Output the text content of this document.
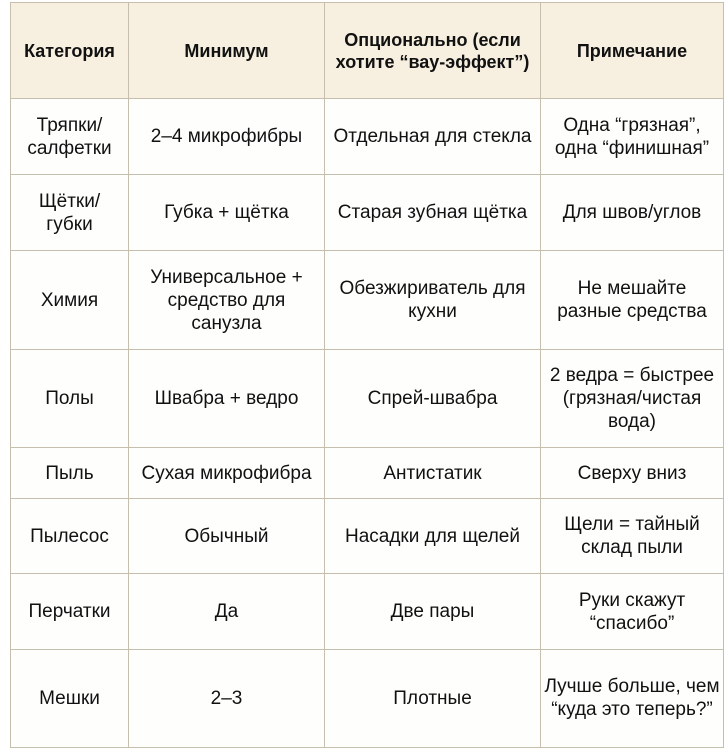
Категория	Минимум	Опционально (если хотите “вау-эффект”)	Примечание
Тряпки/ салфетки	2–4 микрофибры	Отдельная для стекла	Одна “грязная”, одна “финишная”
Щётки/ губки	Губка + щётка	Старая зубная щётка	Для швов/углов
Химия	Универсальное + средство для санузла	Обезжириватель для кухни	Не мешайте разные средства
Полы	Швабра + ведро	Спрей-швабра	2 ведра = быстрее (грязная/чистая вода)
Пыль	Сухая микрофибра	Антистатик	Сверху вниз
Пылесос	Обычный	Насадки для щелей	Щели = тайный склад пыли
Перчатки	Да	Две пары	Руки скажут “спасибо”
Мешки	2–3	Плотные	Лучше больше, чем “куда это теперь?”
